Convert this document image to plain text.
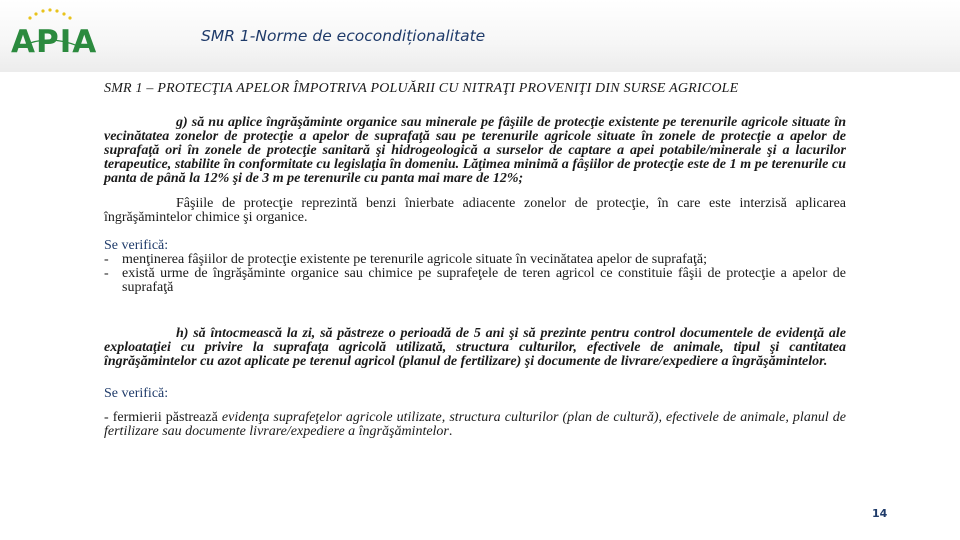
APIA	SMR 1-Norme de ecocondiționalitate

SMR 1 – PROTECŢIA APELOR ÎMPOTRIVA POLUĂRII CU NITRAŢI PROVENIŢI DIN SURSE AGRICOLE

g) să nu aplice îngrăşăminte organice sau minerale pe fâşiile de protecţie existente pe terenurile agricole situate în vecinătatea zonelor de protecţie a apelor de suprafaţă sau pe terenurile agricole situate în zonele de protecţie a apelor de suprafaţă ori în zonele de protecţie sanitară şi hidrogeologică a surselor de captare a apei potabile/minerale şi a lacurilor terapeutice, stabilite în conformitate cu legislaţia în domeniu. Lăţimea minimă a fâşiilor de protecţie este de 1 m pe terenurile cu panta de până la 12% şi de 3 m pe terenurile cu panta mai mare de 12%;

Fâşiile de protecţie reprezintă benzi înierbate adiacente zonelor de protecţie, în care este interzisă aplicarea îngrăşămintelor chimice şi organice.

Se verifică:

- menţinerea fâşiilor de protecţie existente pe terenurile agricole situate în vecinătatea apelor de suprafaţă;
- există urme de îngrăşăminte organice sau chimice pe suprafeţele de teren agricol ce constituie fâşii de protecţie a apelor de suprafaţă

h) să întocmească la zi, să păstreze o perioadă de 5 ani şi să prezinte pentru control documentele de evidenţă ale exploataţiei cu privire la suprafaţa agricolă utilizată, structura culturilor, efectivele de animale, tipul şi cantitatea îngrăşămintelor cu azot aplicate pe terenul agricol (planul de fertilizare) şi documente de livrare/expediere a îngrăşămintelor.

Se verifică:

- fermierii păstrează evidenţa suprafeţelor agricole utilizate, structura culturilor (plan de cultură), efectivele de animale, planul de fertilizare sau documente livrare/expediere a îngrăşămintelor.

14
